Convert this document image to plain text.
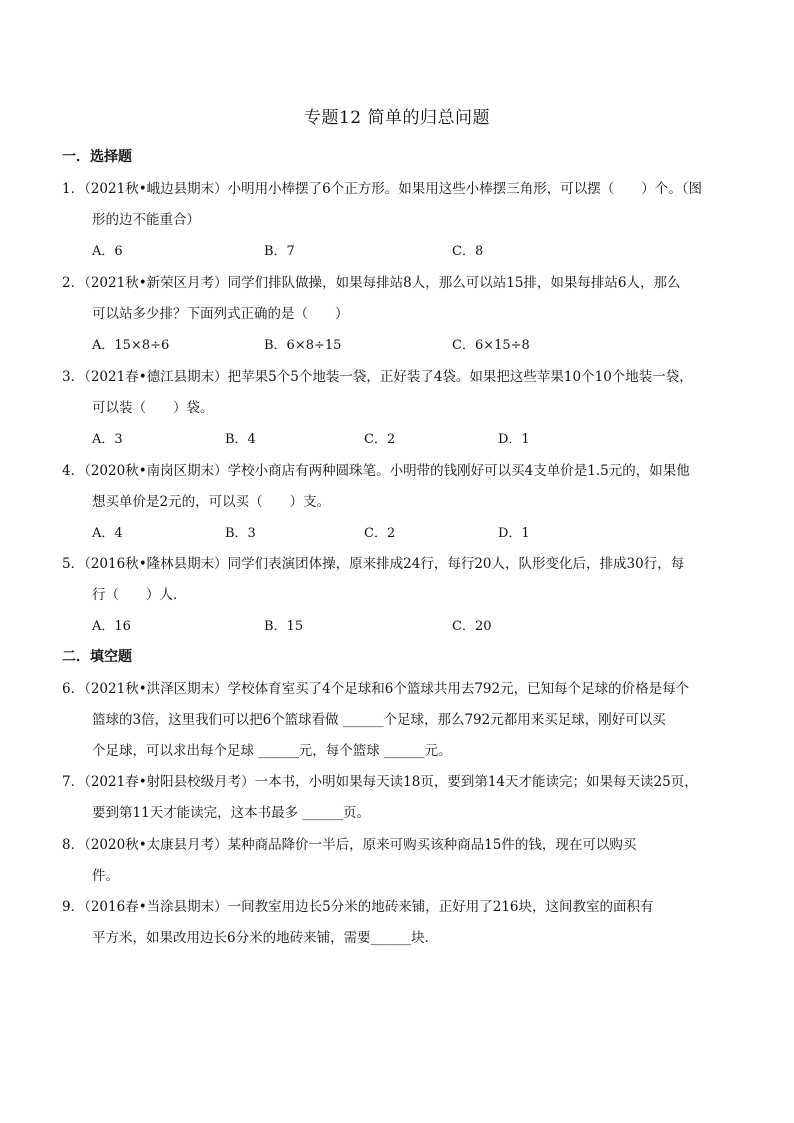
专题12 简单的归总问题
一．选择题
1．（2021秋•峨边县期末）小明用小棒摆了6个正方形。如果用这些小棒摆三角形，可以摆（　　）个。（图
形的边不能重合）
A．6	B．7	C．8
2．（2021秋•新荣区月考）同学们排队做操，如果每排站8人，那么可以站15排，如果每排站6人，那么
可以站多少排？下面列式正确的是（　　）
A．15×8÷6	B．6×8÷15	C．6×15÷8
3．（2021春•德江县期末）把苹果5个5个地装一袋，正好装了4袋。如果把这些苹果10个10个地装一袋，
可以装（　　）袋。
A．3	B．4	C．2	D．1
4．（2020秋•南岗区期末）学校小商店有两种圆珠笔。小明带的钱刚好可以买4支单价是1.5元的，如果他
想买单价是2元的，可以买（　　）支。
A．4	B．3	C．2	D．1
5．（2016秋•隆林县期末）同学们表演团体操，原来排成24行，每行20人，队形变化后，排成30行，每
行（　　）人．
A．16	B．15	C．20
二．填空题
6．（2021秋•洪泽区期末）学校体育室买了4个足球和6个篮球共用去792元，已知每个足球的价格是每个
篮球的3倍，这里我们可以把6个篮球看做 ______个足球，那么792元都用来买足球，刚好可以买
个足球，可以求出每个足球 ______元，每个篮球 ______元。
7．（2021春•射阳县校级月考）一本书，小明如果每天读18页，要到第14天才能读完；如果每天读25页，
要到第11天才能读完，这本书最多 ______页。
8．（2020秋•太康县月考）某种商品降价一半后，原来可购买该种商品15件的钱，现在可以购买
件。
9．（2016春•当涂县期末）一间教室用边长5分米的地砖来铺，正好用了216块，这间教室的面积有
平方米，如果改用边长6分米的地砖来铺，需要______块．
